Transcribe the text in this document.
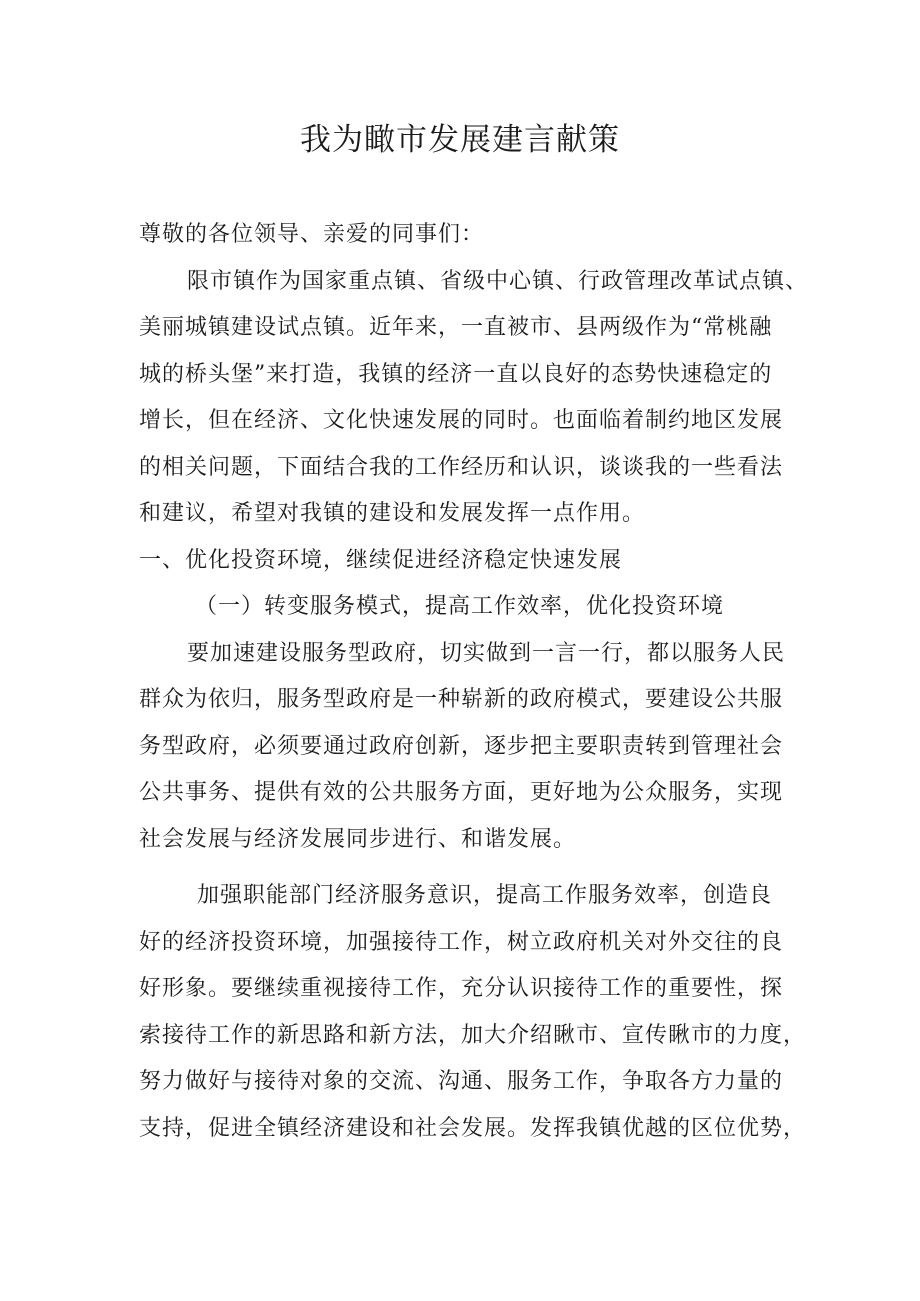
我为瞰市发展建言献策
尊敬的各位领导、亲爱的同事们：
限市镇作为国家重点镇、省级中心镇、行政管理改革试点镇、
美丽城镇建设试点镇。近年来，一直被市、县两级作为“常桃融
城的桥头堡”来打造，我镇的经济一直以良好的态势快速稳定的
增长，但在经济、文化快速发展的同时。也面临着制约地区发展
的相关问题，下面结合我的工作经历和认识，谈谈我的一些看法
和建议，希望对我镇的建设和发展发挥一点作用。
一、优化投资环境，继续促进经济稳定快速发展
（一）转变服务模式，提高工作效率，优化投资环境
要加速建设服务型政府，切实做到一言一行，都以服务人民
群众为依归，服务型政府是一种崭新的政府模式，要建设公共服
务型政府，必须要通过政府创新，逐步把主要职责转到管理社会
公共事务、提供有效的公共服务方面，更好地为公众服务，实现
社会发展与经济发展同步进行、和谐发展。
加强职能部门经济服务意识，提高工作服务效率，创造良
好的经济投资环境，加强接待工作，树立政府机关对外交往的良
好形象。要继续重视接待工作，充分认识接待工作的重要性，探
索接待工作的新思路和新方法，加大介绍瞅市、宣传瞅市的力度，
努力做好与接待对象的交流、沟通、服务工作，争取各方力量的
支持，促进全镇经济建设和社会发展。发挥我镇优越的区位优势，
